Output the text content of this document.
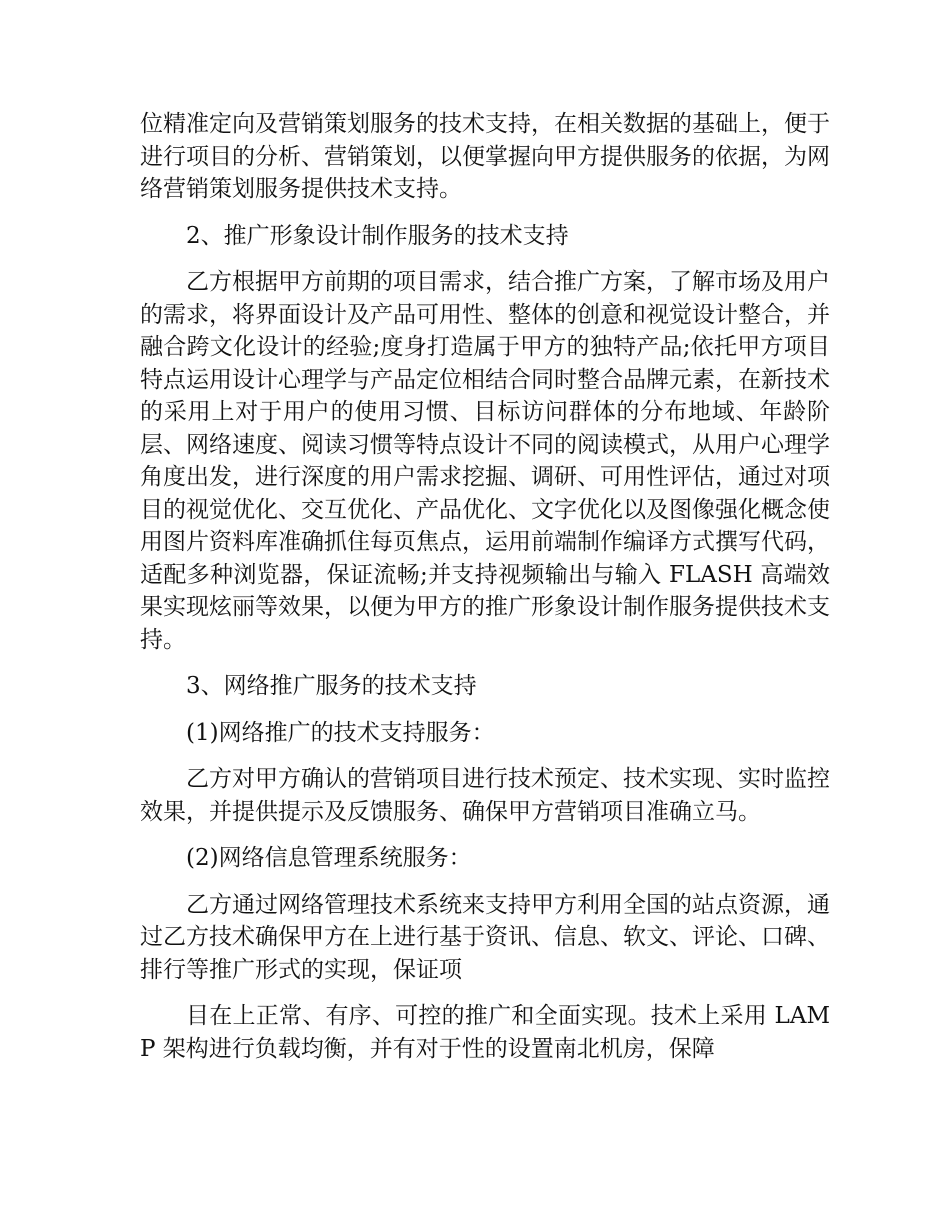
位精准定向及营销策划服务的技术支持，在相关数据的基础上，便于进行项目的分析、营销策划，以便掌握向甲方提供服务的依据，为网络营销策划服务提供技术支持。

2、推广形象设计制作服务的技术支持

乙方根据甲方前期的项目需求，结合推广方案，了解市场及用户的需求，将界面设计及产品可用性、整体的创意和视觉设计整合，并融合跨文化设计的经验;度身打造属于甲方的独特产品;依托甲方项目特点运用设计心理学与产品定位相结合同时整合品牌元素，在新技术的采用上对于用户的使用习惯、目标访问群体的分布地域、年龄阶层、网络速度、阅读习惯等特点设计不同的阅读模式，从用户心理学角度出发，进行深度的用户需求挖掘、调研、可用性评估，通过对项目的视觉优化、交互优化、产品优化、文字优化以及图像强化概念使用图片资料库准确抓住每页焦点，运用前端制作编译方式撰写代码，适配多种浏览器，保证流畅;并支持视频输出与输入 FLASH 高端效果实现炫丽等效果，以便为甲方的推广形象设计制作服务提供技术支持。

3、网络推广服务的技术支持

(1)网络推广的技术支持服务：

乙方对甲方确认的营销项目进行技术预定、技术实现、实时监控效果，并提供提示及反馈服务、确保甲方营销项目准确立马。

(2)网络信息管理系统服务：

乙方通过网络管理技术系统来支持甲方利用全国的站点资源，通过乙方技术确保甲方在上进行基于资讯、信息、软文、评论、口碑、排行等推广形式的实现，保证项

目在上正常、有序、可控的推广和全面实现。技术上采用 LAMP 架构进行负载均衡，并有对于性的设置南北机房，保障
